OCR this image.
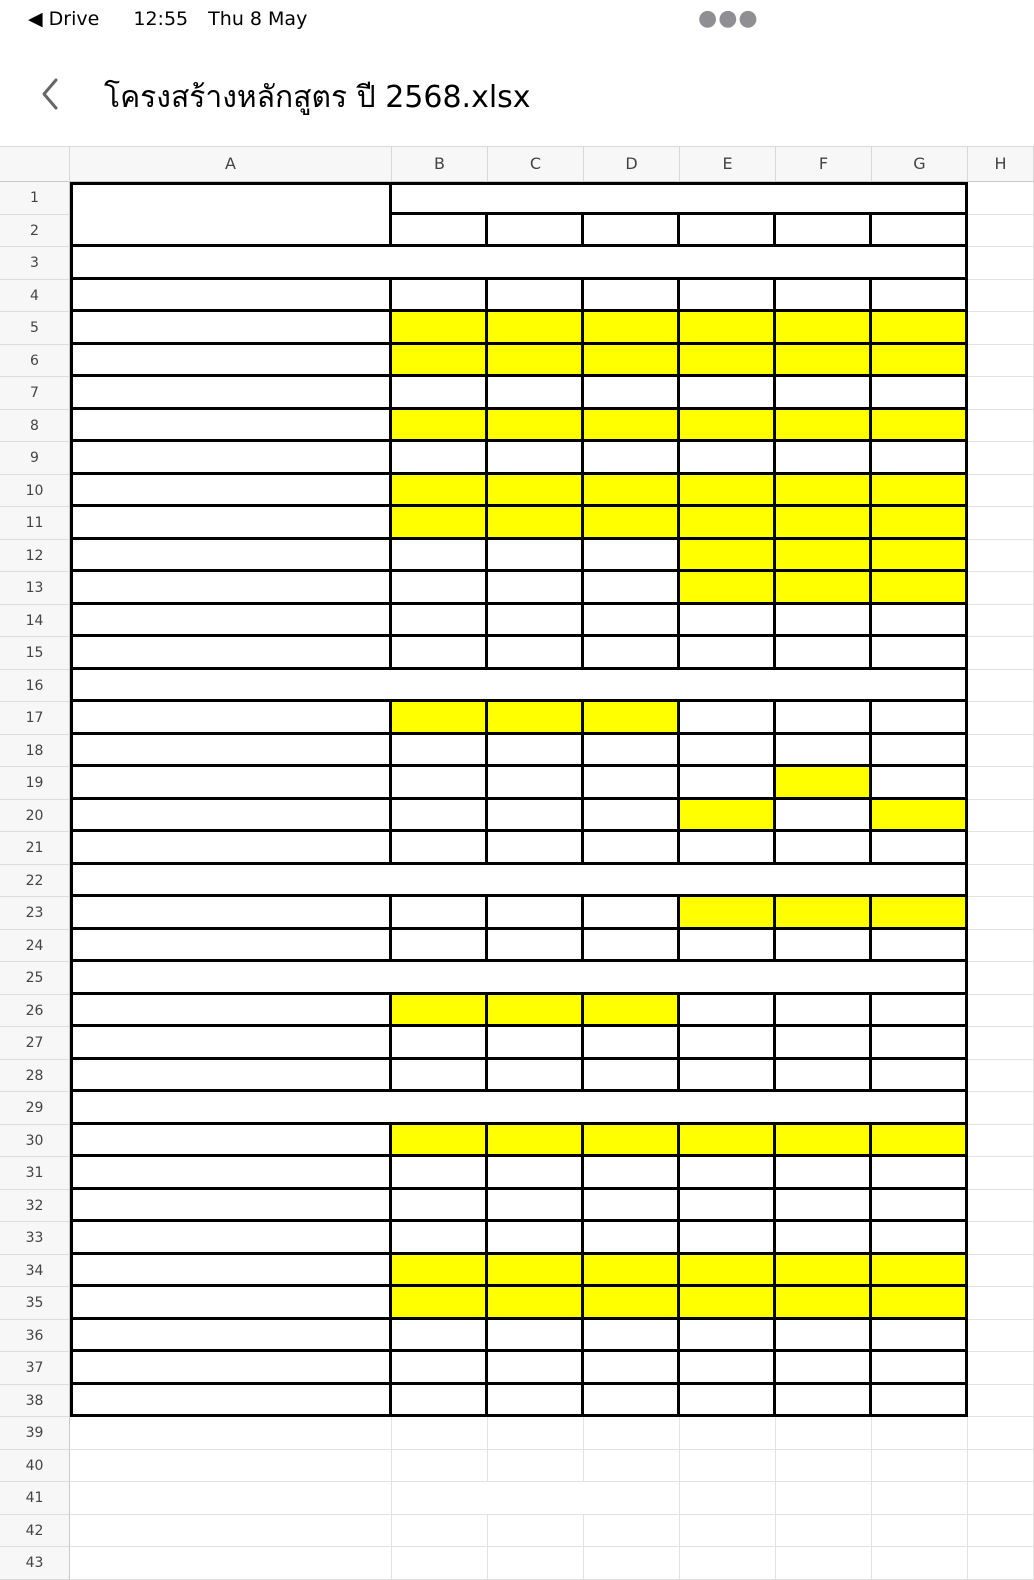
◀ Drive 12:55 Thu 8 May	●●●
โครงสร้างหลักสูตร ปี 2568.xlsx
A	B	C	D	E	F	G	H
1
2
3
4
5
6
7
8
9
10
11
12
13
14
15
16
17
18
19
20
21
22
23
24
25
26
27
28
29
30
31
32
33
34
35
36
37
38
39
40
41
42
43
